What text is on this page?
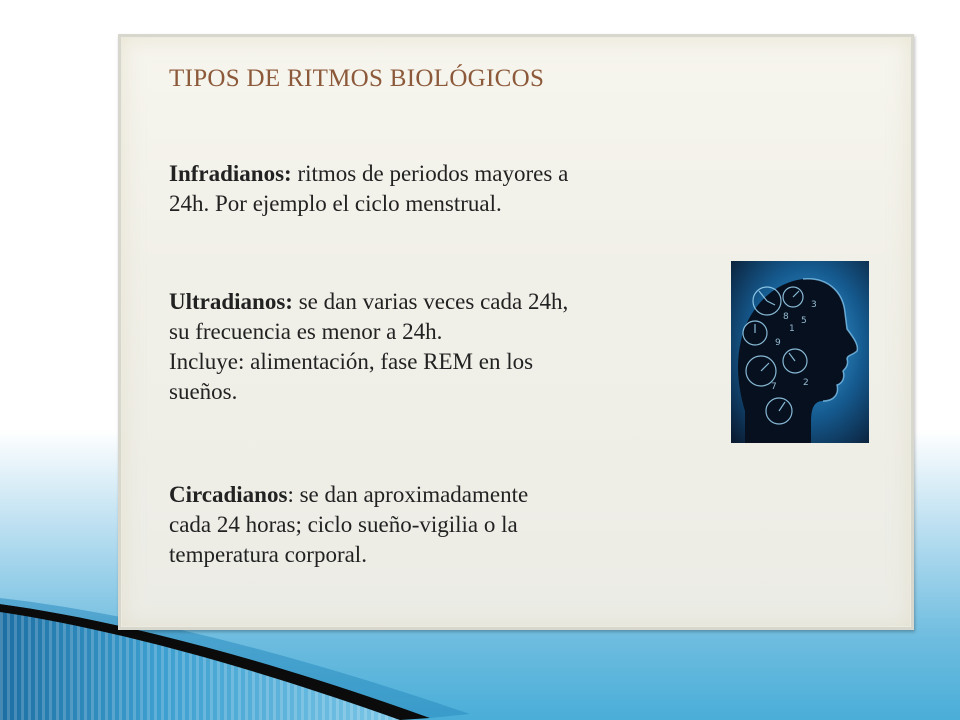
TIPOS DE RITMOS BIOLÓGICOS
Infradianos: ritmos de periodos mayores a
24h. Por ejemplo el ciclo menstrual.
Ultradianos: se dan varias veces cada 24h,
su frecuencia es menor a 24h.
Incluye: alimentación, fase REM en los
sueños.
Circadianos: se dan aproximadamente
cada 24 horas; ciclo sueño-vigilia o la
temperatura corporal.
8
1
5
9
3
7	2
